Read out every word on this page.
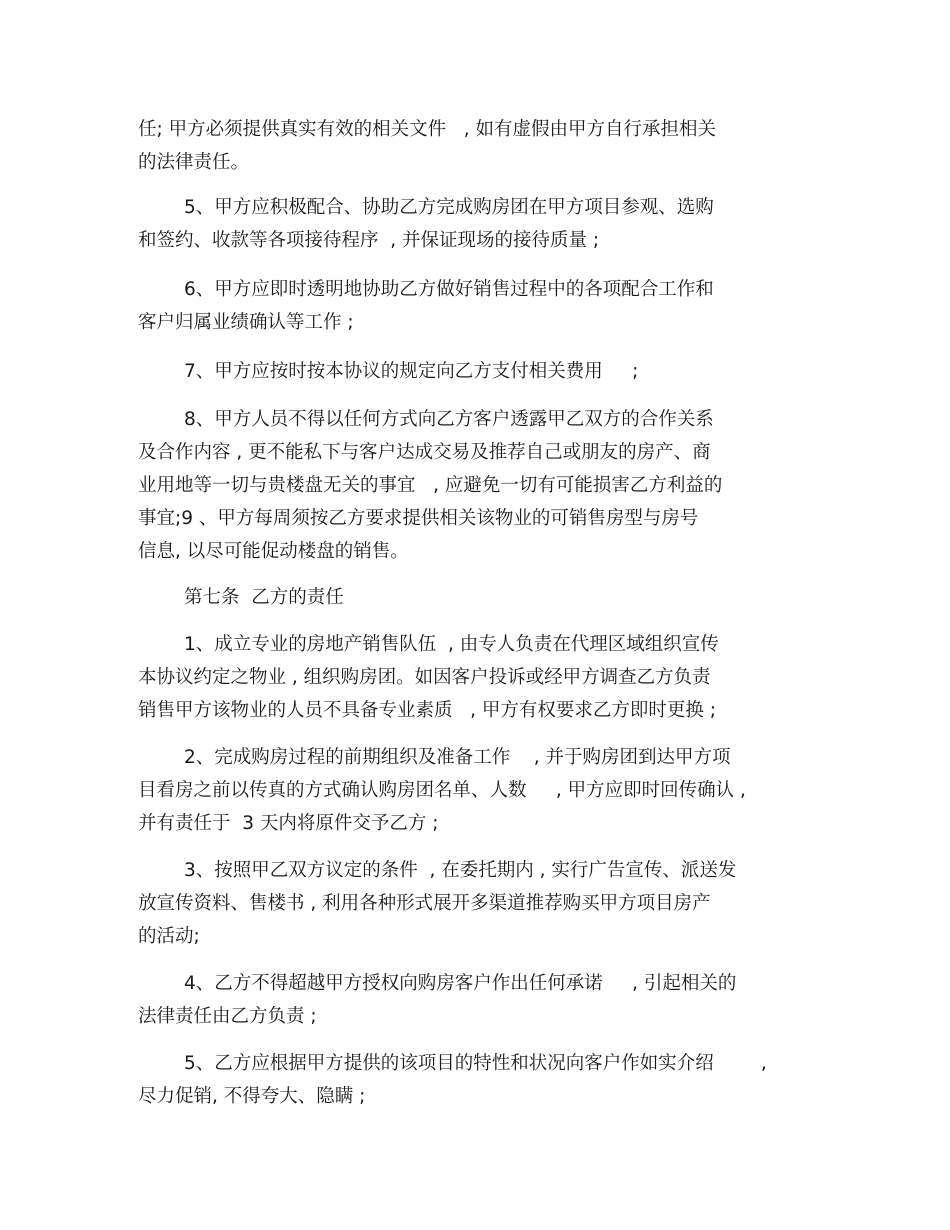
任; 甲方必须提供真实有效的相关文件   , 如有虚假由甲方自行承担相关
的法律责任。

5、甲方应积极配合、协助乙方完成购房团在甲方项目参观、选购
和签约、收款等各项接待程序  , 并保证现场的接待质量 ;

6、甲方应即时透明地协助乙方做好销售过程中的各项配合工作和
客户归属业绩确认等工作 ;

7、甲方应按时按本协议的规定向乙方支付相关费用     ;

8、甲方人员不得以任何方式向乙方客户透露甲乙双方的合作关系
及合作内容 , 更不能私下与客户达成交易及推荐自己或朋友的房产、商
业用地等一切与贵楼盘无关的事宜   , 应避免一切有可能损害乙方利益的
事宜;9 、甲方每周须按乙方要求提供相关该物业的可销售房型与房号
信息, 以尽可能促动楼盘的销售。

第七条  乙方的责任

1、成立专业的房地产销售队伍  , 由专人负责在代理区域组织宣传
本协议约定之物业 , 组织购房团。如因客户投诉或经甲方调查乙方负责
销售甲方该物业的人员不具备专业素质   , 甲方有权要求乙方即时更换 ;

2、完成购房过程的前期组织及准备工作    , 并于购房团到达甲方项
目看房之前以传真的方式确认购房团名单、人数     , 甲方应即时回传确认 ,
并有责任于  3 天内将原件交予乙方 ;

3、按照甲乙双方议定的条件  , 在委托期内 , 实行广告宣传、派送发
放宣传资料、售楼书 , 利用各种形式展开多渠道推荐购买甲方项目房产
的活动;

4、乙方不得超越甲方授权向购房客户作出任何承诺     , 引起相关的
法律责任由乙方负责 ;

5、乙方应根据甲方提供的该项目的特性和状况向客户作如实介绍        ,
尽力促销, 不得夸大、隐瞒 ;
